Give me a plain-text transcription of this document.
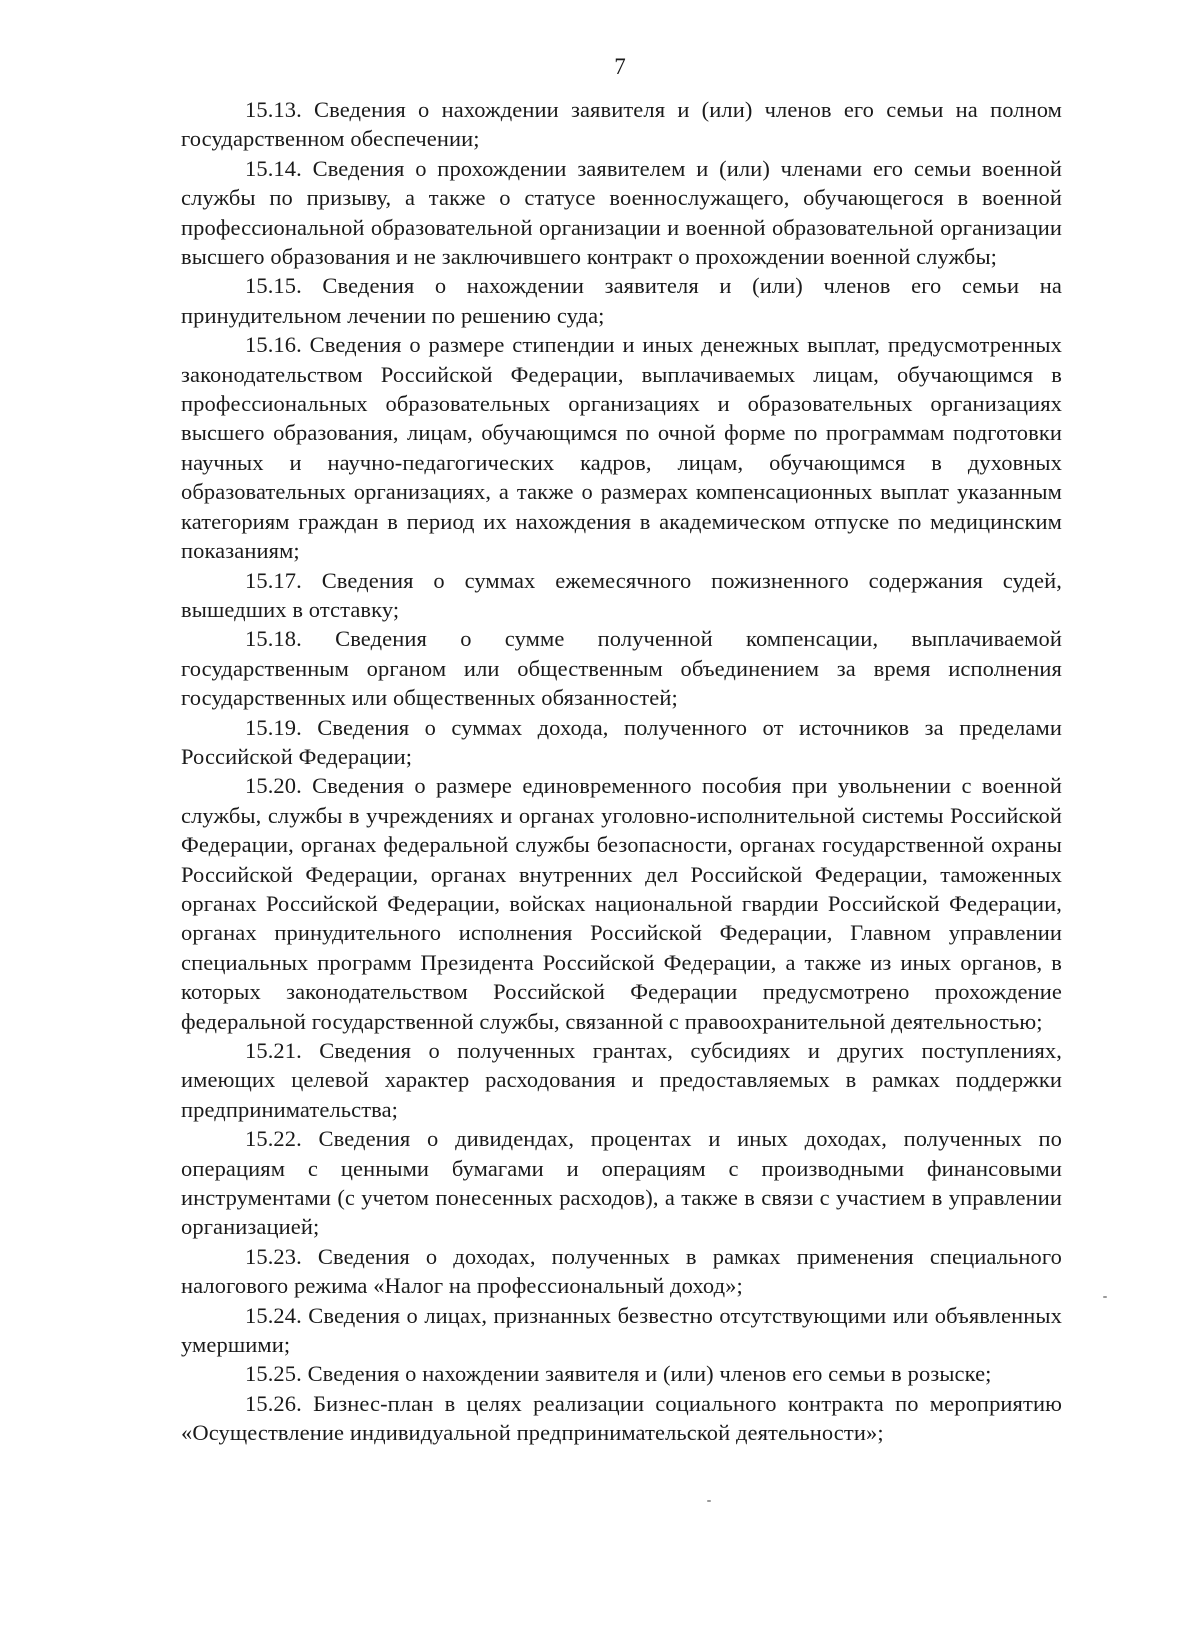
7

15.13. Сведения о нахождении заявителя и (или) членов его семьи на полном государственном обеспечении;

15.14. Сведения о прохождении заявителем и (или) членами его семьи военной службы по призыву, а также о статусе военнослужащего, обучающегося в военной профессиональной образовательной организации и военной образовательной организации высшего образования и не заключившего контракт о прохождении военной службы;

15.15. Сведения о нахождении заявителя и (или) членов его семьи на принудительном лечении по решению суда;

15.16. Сведения о размере стипендии и иных денежных выплат, предусмотренных законодательством Российской Федерации, выплачиваемых лицам, обучающимся в профессиональных образовательных организациях и образовательных организациях высшего образования, лицам, обучающимся по очной форме по программам подготовки научных и научно-педагогических кадров, лицам, обучающимся в духовных образовательных организациях, а также о размерах компенсационных выплат указанным категориям граждан в период их нахождения в академическом отпуске по медицинским показаниям;

15.17. Сведения о суммах ежемесячного пожизненного содержания судей, вышедших в отставку;

15.18. Сведения о сумме полученной компенсации, выплачиваемой государственным органом или общественным объединением за время исполнения государственных или общественных обязанностей;

15.19. Сведения о суммах дохода, полученного от источников за пределами Российской Федерации;

15.20. Сведения о размере единовременного пособия при увольнении с военной службы, службы в учреждениях и органах уголовно-исполнительной системы Российской Федерации, органах федеральной службы безопасности, органах государственной охраны Российской Федерации, органах внутренних дел Российской Федерации, таможенных органах Российской Федерации, войсках национальной гвардии Российской Федерации, органах принудительного исполнения Российской Федерации, Главном управлении специальных программ Президента Российской Федерации, а также из иных органов, в которых законодательством Российской Федерации предусмотрено прохождение федеральной государственной службы, связанной с правоохранительной деятельностью;

15.21. Сведения о полученных грантах, субсидиях и других поступлениях, имеющих целевой характер расходования и предоставляемых в рамках поддержки предпринимательства;

15.22. Сведения о дивидендах, процентах и иных доходах, полученных по операциям с ценными бумагами и операциям с производными финансовыми инструментами (с учетом понесенных расходов), а также в связи с участием в управлении организацией;

15.23. Сведения о доходах, полученных в рамках применения специального налогового режима «Налог на профессиональный доход»;

15.24. Сведения о лицах, признанных безвестно отсутствующими или объявленных умершими;

15.25. Сведения о нахождении заявителя и (или) членов его семьи в розыске;

15.26. Бизнес-план в целях реализации социального контракта по мероприятию «Осуществление индивидуальной предпринимательской деятельности»;
